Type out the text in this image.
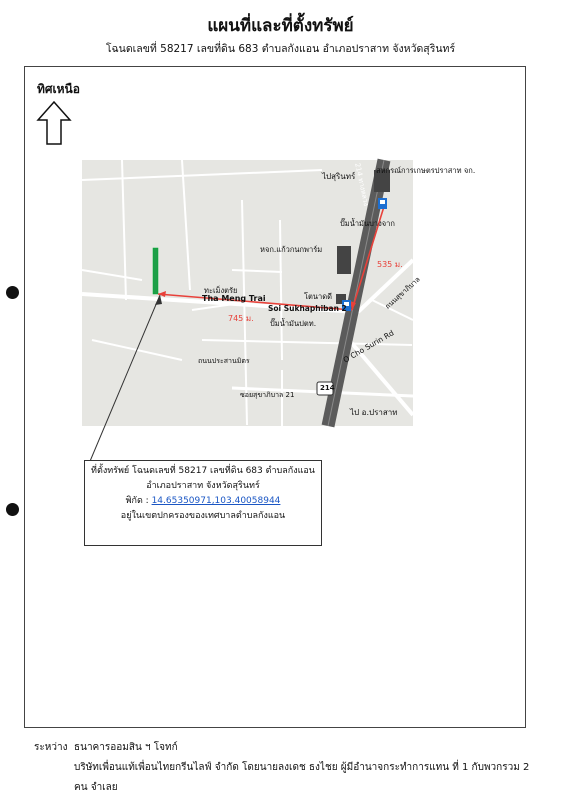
แผนที่และที่ตั้งทรัพย์
โฉนดเลขที่ 58217 เลขที่ดิน 683 ตำบลกังแอน อำเภอปราสาท จังหวัดสุรินทร์
ทิศเหนือ
ไปสุรินทร์
สหกรณ์การเกษตรปราสาท จก.
ปั๊มน้ำมันบางจาก
หจก.แก้วกนกพาร์ม
535 ม.
ทะเม็งตรัย
Tha Meng Trai	โตนาดดี
Soi Sukhaphiban 2
745 ม.
ปั๊มน้ำมันปตท.
O Cho Surin Rd
ถนนสุขาภิบาล
214 ทางหลวง
214
ไป อ.ปราสาท
ซอยสุขาภิบาล 21
ถนนประสานมิตร
ที่ตั้งทรัพย์ โฉนดเลขที่ 58217 เลขที่ดิน 683 ตำบลกังแอน
อำเภอปราสาท จังหวัดสุรินทร์
พิกัด : 14.65350971,103.40058944
อยู่ในเขตปกครองของเทศบาลตำบลกังแอน
ระหว่าง ธนาคารออมสิน ฯ โจทก์
บริษัทเพื่อนแท้เพื่อนไทยกรีนไลฟ์ จำกัด โดยนายลงเดช ธงไชย ผู้มีอำนาจกระทำการแทน ที่ 1 กับพวกรวม 2
คน จำเลย
